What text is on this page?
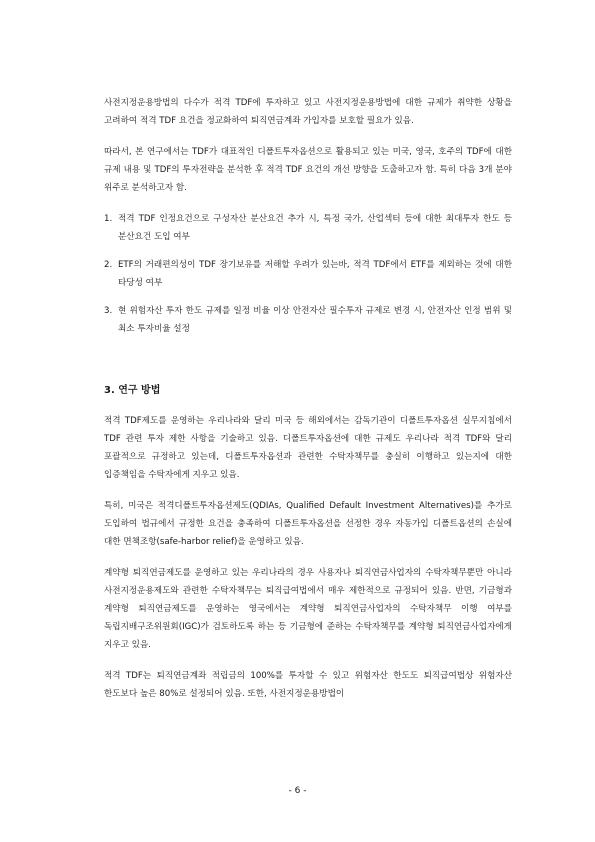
사전지정운용방법의 다수가 적격 TDF에 투자하고 있고 사전지정운용방법에 대한 규제가 취약한 상황을 고려하여 적격 TDF 요건을 정교화하여 퇴직연금계좌 가입자를 보호할 필요가 있음.

따라서, 본 연구에서는 TDF가 대표적인 디폴트투자옵션으로 활용되고 있는 미국, 영국, 호주의 TDF에 대한 규제 내용 및 TDF의 투자전략을 분석한 후 적격 TDF 요건의 개선 방향을 도출하고자 함. 특히 다음 3개 분야 위주로 분석하고자 함.

1. 적격 TDF 인정요건으로 구성자산 분산요건 추가 시, 특정 국가, 산업섹터 등에 대한 최대투자 한도 등 분산요건 도입 여부
2. ETF의 거래편의성이 TDF 장기보유를 저해할 우려가 있는바, 적격 TDF에서 ETF를 제외하는 것에 대한 타당성 여부
3. 현 위험자산 투자 한도 규제를 일정 비율 이상 안전자산 필수투자 규제로 변경 시, 안전자산 인정 범위 및 최소 투자비율 설정
3. 연구 방법

적격 TDF제도를 운영하는 우리나라와 달리 미국 등 해외에서는 감독기관이 디폴트투자옵션 실무지침에서 TDF 관련 투자 제한 사항을 기술하고 있음. 디폴트투자옵션에 대한 규제도 우리나라 적격 TDF와 달리 포괄적으로 규정하고 있는데, 디폴트투자옵션과 관련한 수탁자책무를 충실히 이행하고 있는지에 대한 입증책임을 수탁자에게 지우고 있음.

특히, 미국은 적격디폴트투자옵션제도(QDIAs, Qualified Default Investment Alternatives)를 추가로 도입하여 법규에서 규정한 요건을 충족하여 디폴트투자옵션을 선정한 경우 자동가입 디폴트옵션의 손실에 대한 면책조항(safe-harbor relief)을 운영하고 있음.

계약형 퇴직연금제도를 운영하고 있는 우리나라의 경우 사용자나 퇴직연금사업자의 수탁자책무뿐만 아니라 사전지정운용제도와 관련한 수탁자책무는 퇴직급여법에서 매우 제한적으로 규정되어 있음. 반면, 기금형과 계약형 퇴직연금제도를 운영하는 영국에서는 계약형 퇴직연금사업자의 수탁자책무 이행 여부를 독립지배구조위원회(IGC)가 검토하도록 하는 등 기금형에 준하는 수탁자책무를 계약형 퇴직연금사업자에게 지우고 있음.

적격 TDF는 퇴직연금계좌 적립금의 100%를 투자할 수 있고 위험자산 한도도 퇴직급여법상 위험자산 한도보다 높은 80%로 설정되어 있음. 또한, 사전지정운용방법이

- 6 -
